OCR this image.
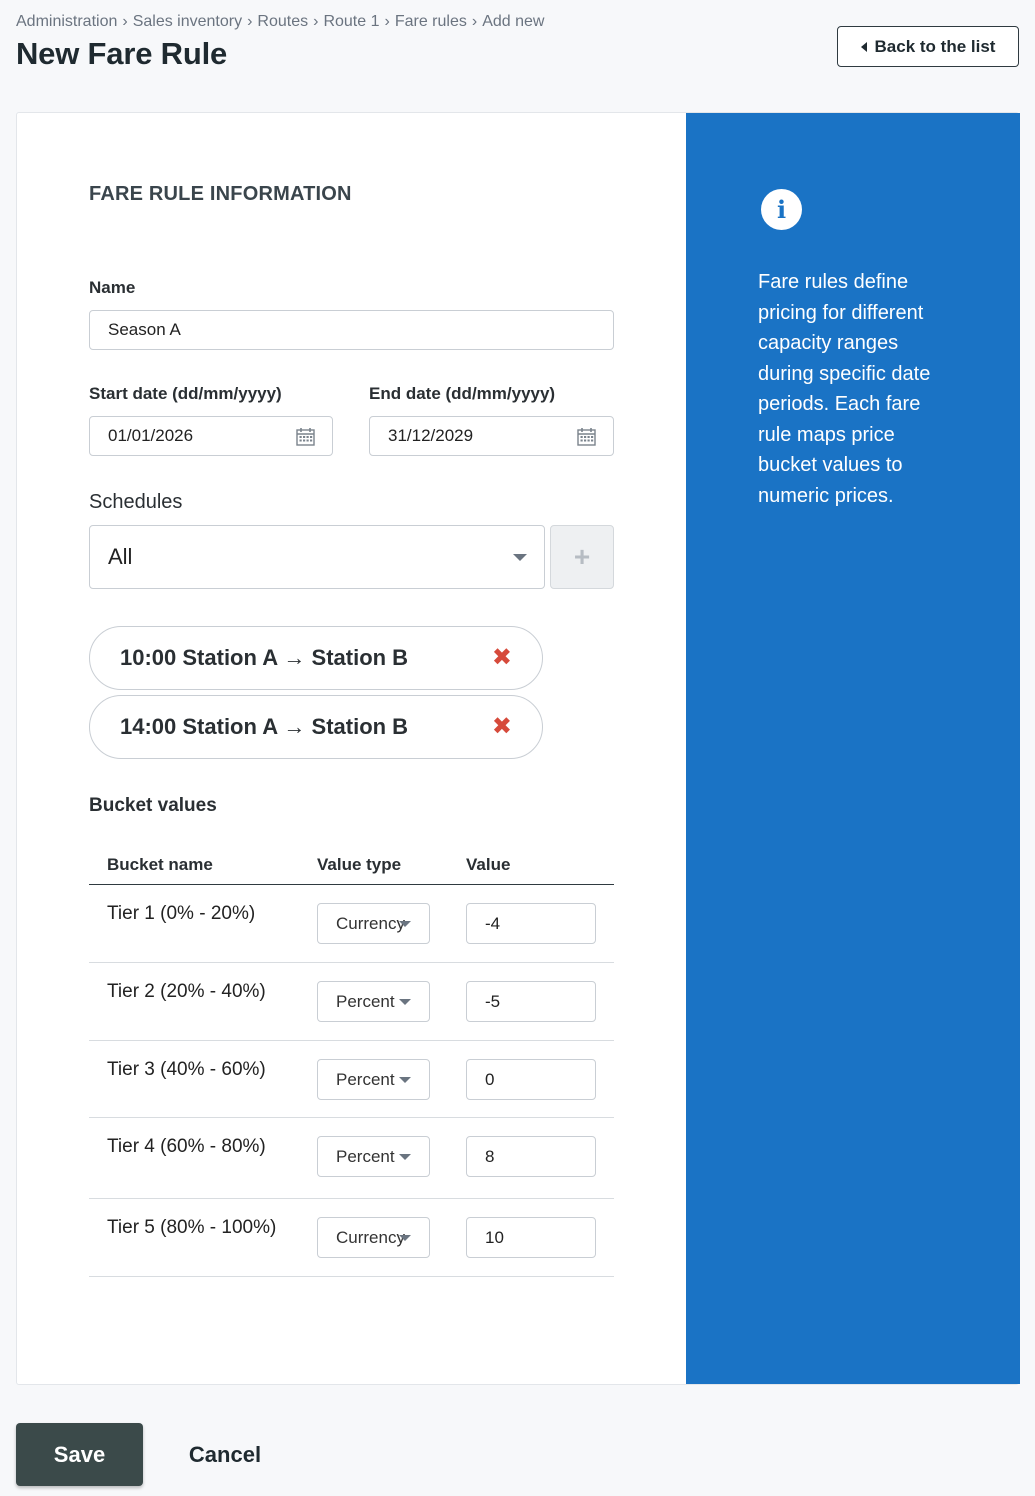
Administration › Sales inventory › Routes › Route 1 › Fare rules › Add new
New Fare Rule	Back to the list
FARE RULE INFORMATION
Name
Season A
Start date (dd/mm/yyyy)
01/01/2026
End date (dd/mm/yyyy)
31/12/2029
Schedules
All	+
10:00 Station A → Station B	✖
14:00 Station A → Station B	✖
Bucket values
Bucket name	Value type	Value
Tier 1 (0% - 20%)	Currency	-4
Tier 2 (20% - 40%)	Percent	-5
Tier 3 (40% - 60%)	Percent	0
Tier 4 (60% - 80%)	Percent	8
Tier 5 (80% - 100%)	Currency	10
i
Fare rules define pricing for different capacity ranges during specific date periods. Each fare rule maps price bucket values to numeric prices.
Save	Cancel
